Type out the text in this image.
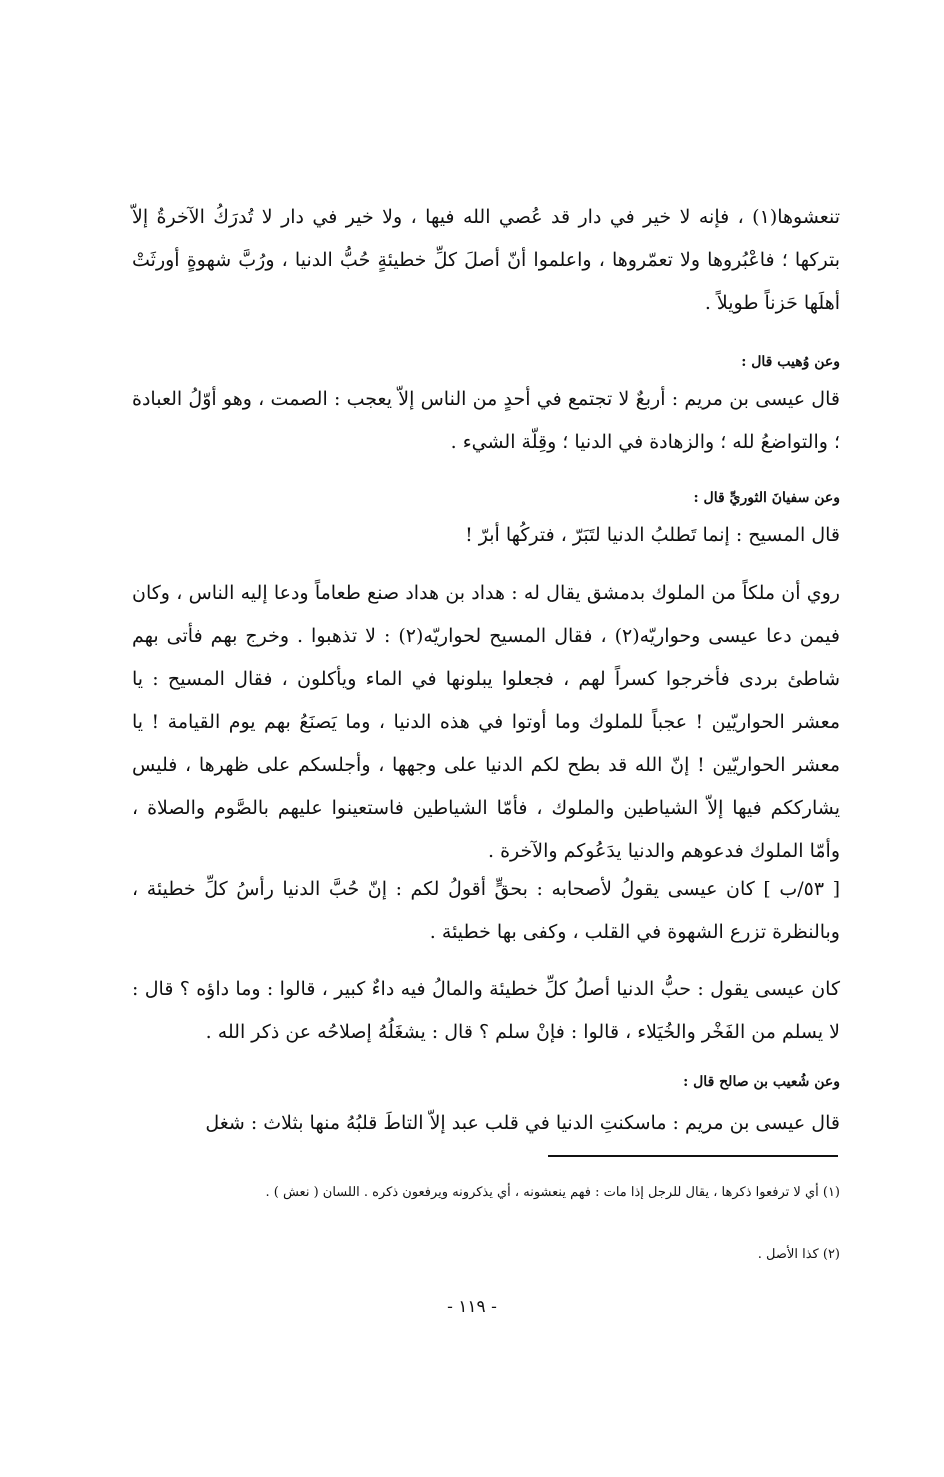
تنعشوها(١) ، فإنه لا خير في دار قد عُصي الله فيها ، ولا خير في دار لا تُدرَكُ الآخرةُ إلاّ بتركها ؛ فاعْبُروها ولا تعمّروها ، واعلموا أنّ أصلَ كلِّ خطيئةٍ حُبُّ الدنيا ، ورُبَّ شهوةٍ أورثَتْ أهلَها حَزناً طويلاً .
وعن وُهيب قال :
قال عيسى بن مريم : أربعٌ لا تجتمع في أحدٍ من الناس إلاّ يعجب : الصمت ، وهو أوّلُ العبادة ؛ والتواضعُ لله ؛ والزهادة في الدنيا ؛ وقِلّة الشيء .
وعن سفيانَ الثوريِّ قال :
قال المسيح : إنما تَطلبُ الدنيا لتَبَرّ ، فتركُها أبرّ !
روي أن ملكاً من الملوك بدمشق يقال له : هداد بن هداد صنع طعاماً ودعا إليه الناس ، وكان فيمن دعا عيسى وحواريّه(٢) ، فقال المسيح لحواريّه(٢) : لا تذهبوا . وخرج بهم فأتى بهم شاطئ بردى فأخرجوا كسراً لهم ، فجعلوا يبلونها في الماء ويأكلون ، فقال المسيح : يا معشر الحواريّين ! عجباً للملوك وما أوتوا في هذه الدنيا ، وما يَصنَعُ بهم يوم القيامة ! يا معشر الحواريّين ! إنّ الله قد بطح لكم الدنيا على وجهها ، وأجلسكم على ظهرها ، فليس يشارككم فيها إلاّ الشياطين والملوك ، فأمّا الشياطين فاستعينوا عليهم بالصَّوم والصلاة ، وأمّا الملوك فدعوهم والدنيا يدَعُوكم والآخرة .
[ ٥٣/ب ] كان عيسى يقولُ لأصحابه : بحقٍّ أقولُ لكم : إنّ حُبَّ الدنيا رأسُ كلِّ خطيئة ، وبالنظرة تزرع الشهوة في القلب ، وكفى بها خطيئة .
كان عيسى يقول : حبُّ الدنيا أصلُ كلِّ خطيئة والمالُ فيه داءٌ كبير ، قالوا : وما داؤه ؟ قال : لا يسلم من الفَخْر والخُيَلاء ، قالوا : فإنْ سلم ؟ قال : يشغَلُهُ إصلاحُه عن ذكر الله .
وعن شُعيب بن صالح قال :
قال عيسى بن مريم : ماسكنتِ الدنيا في قلب عبد إلاّ التاطَ قلبُهُ منها بثلاث : شغل
(١) أي لا ترفعوا ذكرها ، يقال للرجل إذا مات : فهم ينعشونه ، أي يذكرونه ويرفعون ذكره . اللسان ( نعش ) .
(٢) كذا الأصل .
- ١١٩ -
